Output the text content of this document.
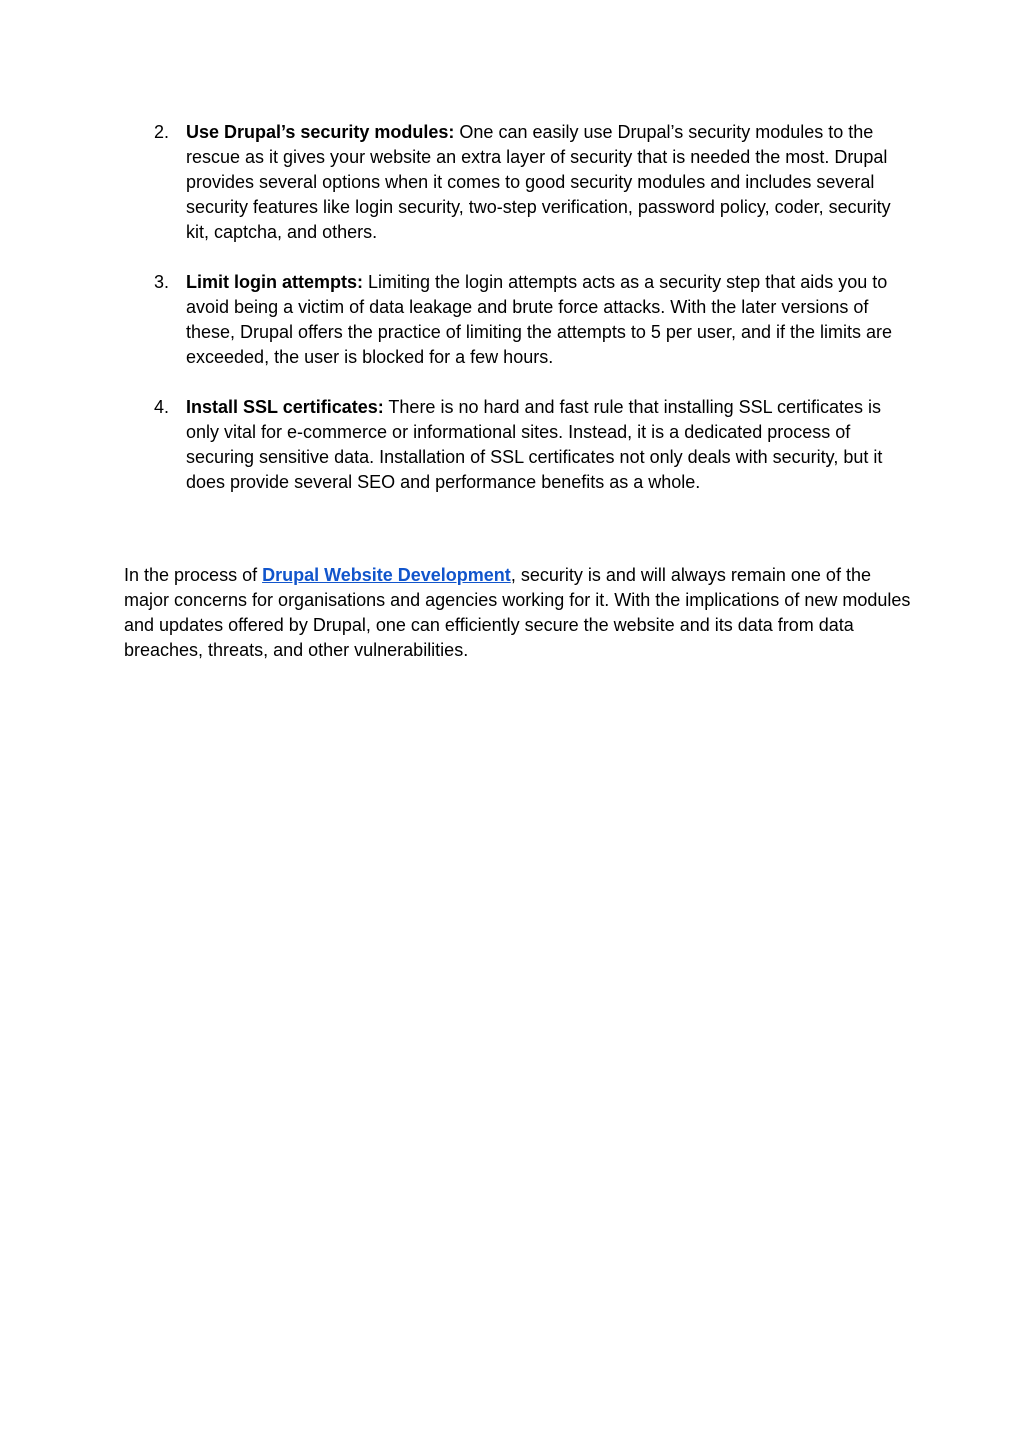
2. Use Drupal’s security modules: One can easily use Drupal’s security modules to the rescue as it gives your website an extra layer of security that is needed the most. Drupal provides several options when it comes to good security modules and includes several security features like login security, two-step verification, password policy, coder, security kit, captcha, and others.
3. Limit login attempts: Limiting the login attempts acts as a security step that aids you to avoid being a victim of data leakage and brute force attacks. With the later versions of these, Drupal offers the practice of limiting the attempts to 5 per user, and if the limits are exceeded, the user is blocked for a few hours.
4. Install SSL certificates: There is no hard and fast rule that installing SSL certificates is only vital for e-commerce or informational sites. Instead, it is a dedicated process of securing sensitive data. Installation of SSL certificates not only deals with security, but it does provide several SEO and performance benefits as a whole.

In the process of Drupal Website Development, security is and will always remain one of the major concerns for organisations and agencies working for it. With the implications of new modules and updates offered by Drupal, one can efficiently secure the website and its data from data breaches, threats, and other vulnerabilities.
